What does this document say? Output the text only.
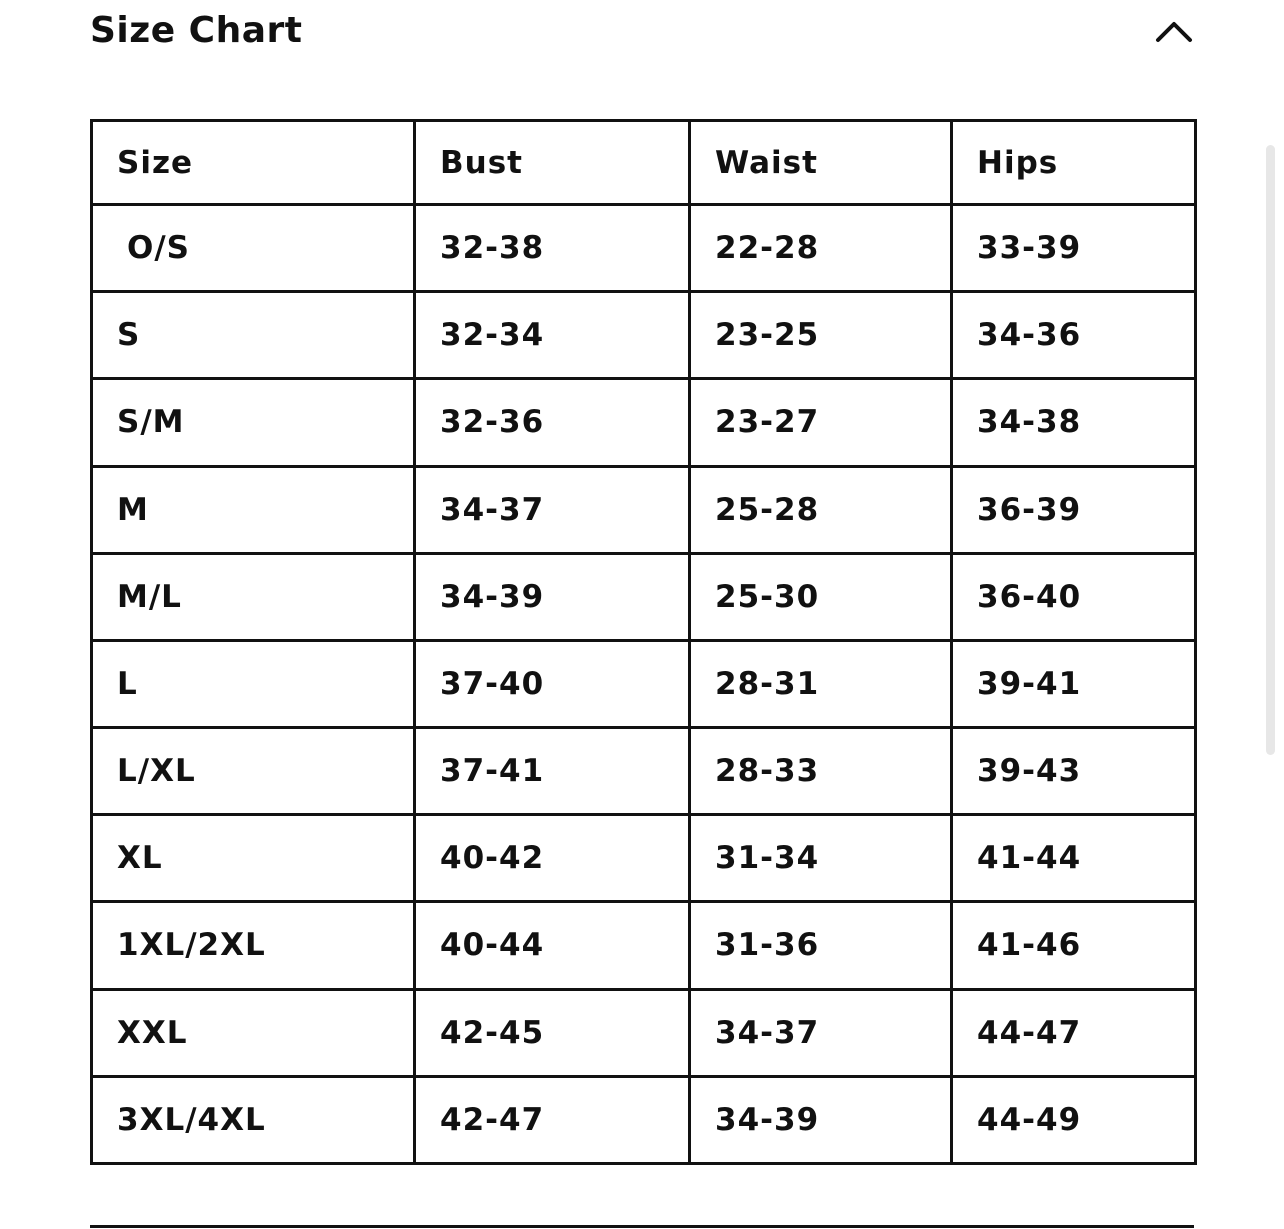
Size Chart
Size	Bust	Waist	Hips
O/S	32-38	22-28	33-39
S	32-34	23-25	34-36
S/M	32-36	23-27	34-38
M	34-37	25-28	36-39
M/L	34-39	25-30	36-40
L	37-40	28-31	39-41
L/XL	37-41	28-33	39-43
XL	40-42	31-34	41-44
1XL/2XL	40-44	31-36	41-46
XXL	42-45	34-37	44-47
3XL/4XL	42-47	34-39	44-49
